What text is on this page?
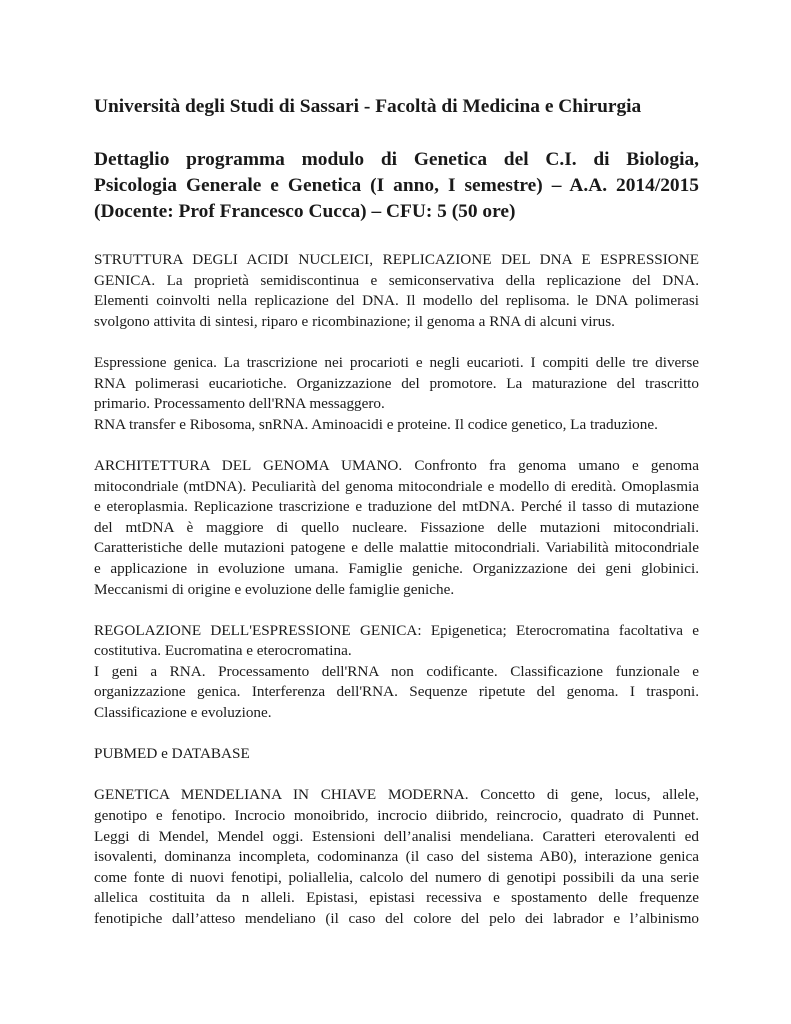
Università degli Studi di Sassari - Facoltà di Medicina e Chirurgia
Dettaglio programma modulo di Genetica del C.I. di Biologia,
Psicologia Generale e Genetica (I anno, I semestre) – A.A. 2014/2015
(Docente: Prof Francesco Cucca) – CFU: 5 (50 ore)
STRUTTURA DEGLI ACIDI NUCLEICI, REPLICAZIONE DEL DNA E ESPRESSIONE
GENICA. La proprietà semidiscontinua e semiconservativa della replicazione del DNA.
Elementi coinvolti nella replicazione del DNA. Il modello del replisoma. le DNA polimerasi
svolgono attivita di sintesi, riparo e ricombinazione; il genoma a RNA di alcuni virus.
Espressione genica. La trascrizione nei procarioti e negli eucarioti. I compiti delle tre diverse
RNA polimerasi eucariotiche. Organizzazione del promotore. La maturazione del trascritto
primario. Processamento dell'RNA messaggero.
RNA transfer e Ribosoma, snRNA. Aminoacidi e proteine. Il codice genetico, La traduzione.
ARCHITETTURA DEL GENOMA UMANO. Confronto fra genoma umano e genoma
mitocondriale (mtDNA). Peculiarità del genoma mitocondriale e modello di eredità. Omoplasmia
e eteroplasmia. Replicazione trascrizione e traduzione del mtDNA. Perché il tasso di mutazione
del mtDNA è maggiore di quello nucleare. Fissazione delle mutazioni mitocondriali.
Caratteristiche delle mutazioni patogene e delle malattie mitocondriali. Variabilità mitocondriale
e applicazione in evoluzione umana. Famiglie geniche. Organizzazione dei geni globinici.
Meccanismi di origine e evoluzione delle famiglie geniche.
REGOLAZIONE DELL'ESPRESSIONE GENICA: Epigenetica; Eterocromatina facoltativa e
costitutiva. Eucromatina e eterocromatina.
I geni a RNA. Processamento dell'RNA non codificante. Classificazione funzionale e
organizzazione genica. Interferenza dell'RNA. Sequenze ripetute del genoma. I trasponi.
Classificazione e evoluzione.
PUBMED e DATABASE
GENETICA MENDELIANA IN CHIAVE MODERNA. Concetto di gene, locus, allele,
genotipo e fenotipo. Incrocio monoibrido, incrocio diibrido, reincrocio, quadrato di Punnet.
Leggi di Mendel, Mendel oggi. Estensioni dell’analisi mendeliana. Caratteri eterovalenti ed
isovalenti, dominanza incompleta, codominanza (il caso del sistema AB0), interazione genica
come fonte di nuovi fenotipi, poliallelia, calcolo del numero di genotipi possibili da una serie
allelica costituita da n alleli. Epistasi, epistasi recessiva e spostamento delle frequenze
fenotipiche dall’atteso mendeliano (il caso del colore del pelo dei labrador e l’albinismo
